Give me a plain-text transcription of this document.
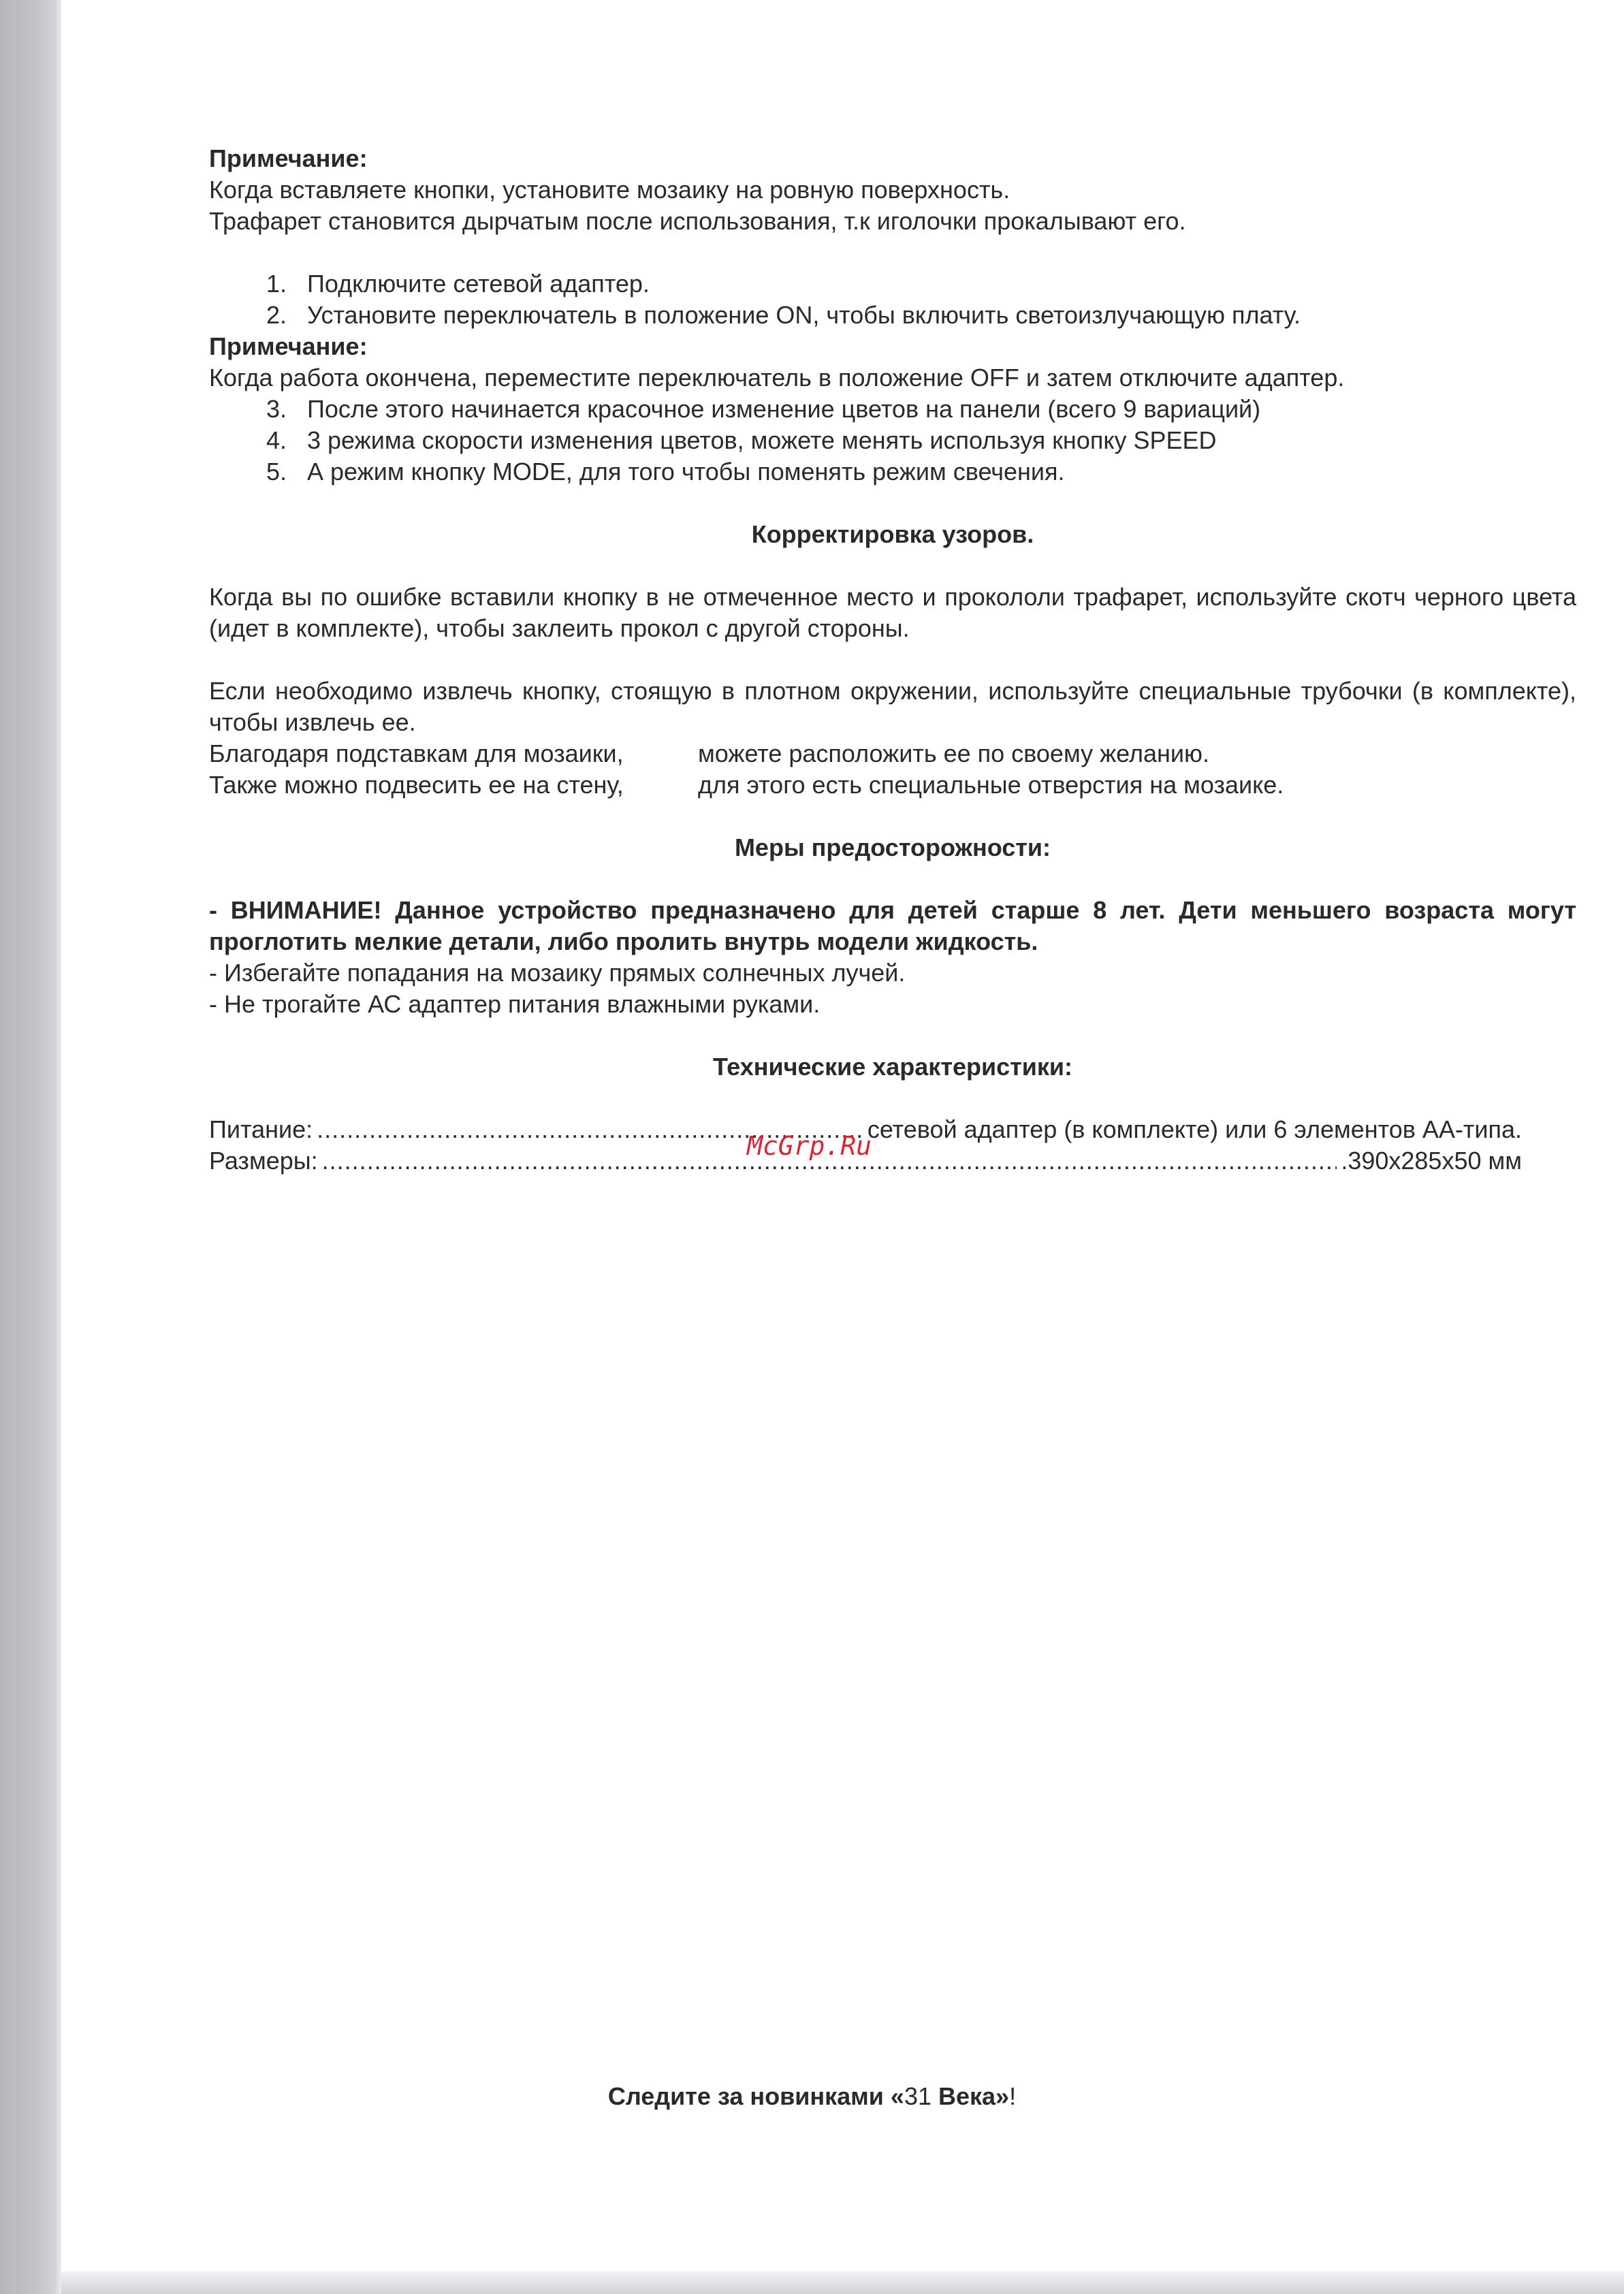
Примечание:
Когда вставляете кнопки, установите мозаику на ровную поверхность.
Трафарет становится дырчатым после использования, т.к иголочки прокалывают его.
1. Подключите сетевой адаптер.
2. Установите переключатель в положение ON, чтобы включить светоизлучающую плату.
Примечание:
Когда работа окончена, переместите переключатель в положение OFF и затем отключите адаптер.
3. После этого начинается красочное изменение цветов на панели (всего 9 вариаций)
4. 3 режима скорости изменения цветов, можете менять используя кнопку SPEED
5. А режим кнопку MODE, для того чтобы поменять режим свечения.
Корректировка узоров.
Когда вы по ошибке вставили кнопку в не отмеченное место и прокололи трафарет, используйте скотч черного цвета (идет в комплекте), чтобы заклеить прокол с другой стороны.
Если необходимо извлечь кнопку, стоящую в плотном окружении, используйте специальные трубочки (в комплекте), чтобы извлечь ее.
Благодаря подставкам для мозаики,	можете расположить ее по своему желанию.
Также можно подвесить ее на стену,	для этого есть специальные отверстия на мозаике.
Меры предосторожности:
- ВНИМАНИЕ! Данное устройство предназначено для детей старше 8 лет. Дети меньшего возраста могут проглотить мелкие детали, либо пролить внутрь модели жидкость.
- Избегайте попадания на мозаику прямых солнечных лучей.
- Не трогайте АС адаптер питания влажными руками.
Технические характеристики:
Питание: .....	сетевой адаптер (в комплекте) или 6 элементов АА-типа.
Размеры: .....	.390x285x50 мм
McGrp.Ru
Следите за новинками «31 Века»!
